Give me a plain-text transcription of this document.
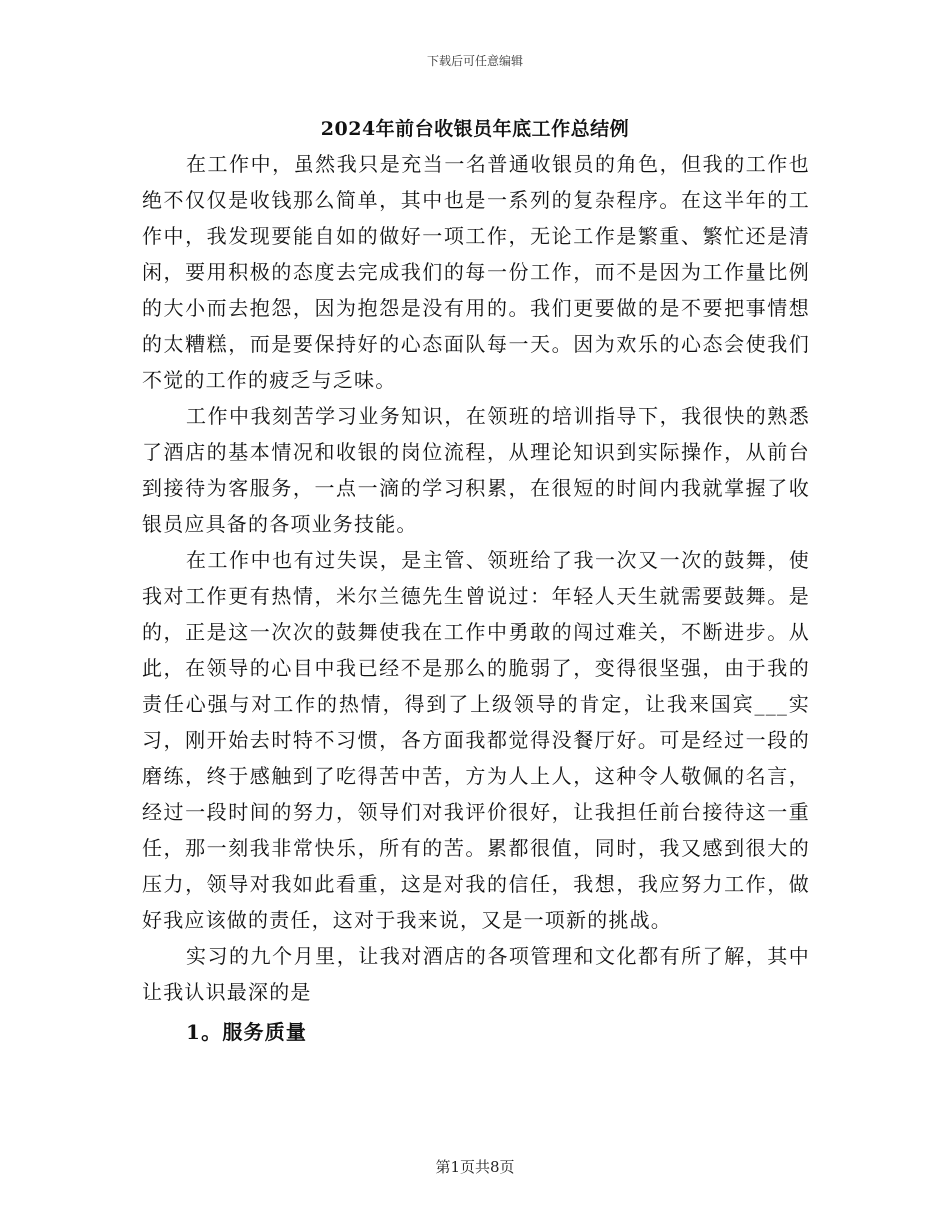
下载后可任意编辑
2024年前台收银员年底工作总结例

在工作中，虽然我只是充当一名普通收银员的角色，但我的工作也绝不仅仅是收钱那么简单，其中也是一系列的复杂程序。在这半年的工作中，我发现要能自如的做好一项工作，无论工作是繁重、繁忙还是清闲，要用积极的态度去完成我们的每一份工作，而不是因为工作量比例的大小而去抱怨，因为抱怨是没有用的。我们更要做的是不要把事情想的太糟糕，而是要保持好的心态面队每一天。因为欢乐的心态会使我们不觉的工作的疲乏与乏味。

工作中我刻苦学习业务知识，在领班的培训指导下，我很快的熟悉了酒店的基本情况和收银的岗位流程，从理论知识到实际操作，从前台到接待为客服务，一点一滴的学习积累，在很短的时间内我就掌握了收银员应具备的各项业务技能。

在工作中也有过失误，是主管、领班给了我一次又一次的鼓舞，使我对工作更有热情，米尔兰德先生曾说过：年轻人天生就需要鼓舞。是的，正是这一次次的鼓舞使我在工作中勇敢的闯过难关，不断进步。从此，在领导的心目中我已经不是那么的脆弱了，变得很坚强，由于我的责任心强与对工作的热情，得到了上级领导的肯定，让我来国宾___实习，刚开始去时特不习惯，各方面我都觉得没餐厅好。可是经过一段的磨练，终于感触到了吃得苦中苦，方为人上人，这种令人敬佩的名言，经过一段时间的努力，领导们对我评价很好，让我担任前台接待这一重任，那一刻我非常快乐，所有的苦。累都很值，同时，我又感到很大的压力，领导对我如此看重，这是对我的信任，我想，我应努力工作，做好我应该做的责任，这对于我来说，又是一项新的挑战。

实习的九个月里，让我对酒店的各项管理和文化都有所了解，其中让我认识最深的是

1。服务质量

第1页共8页
